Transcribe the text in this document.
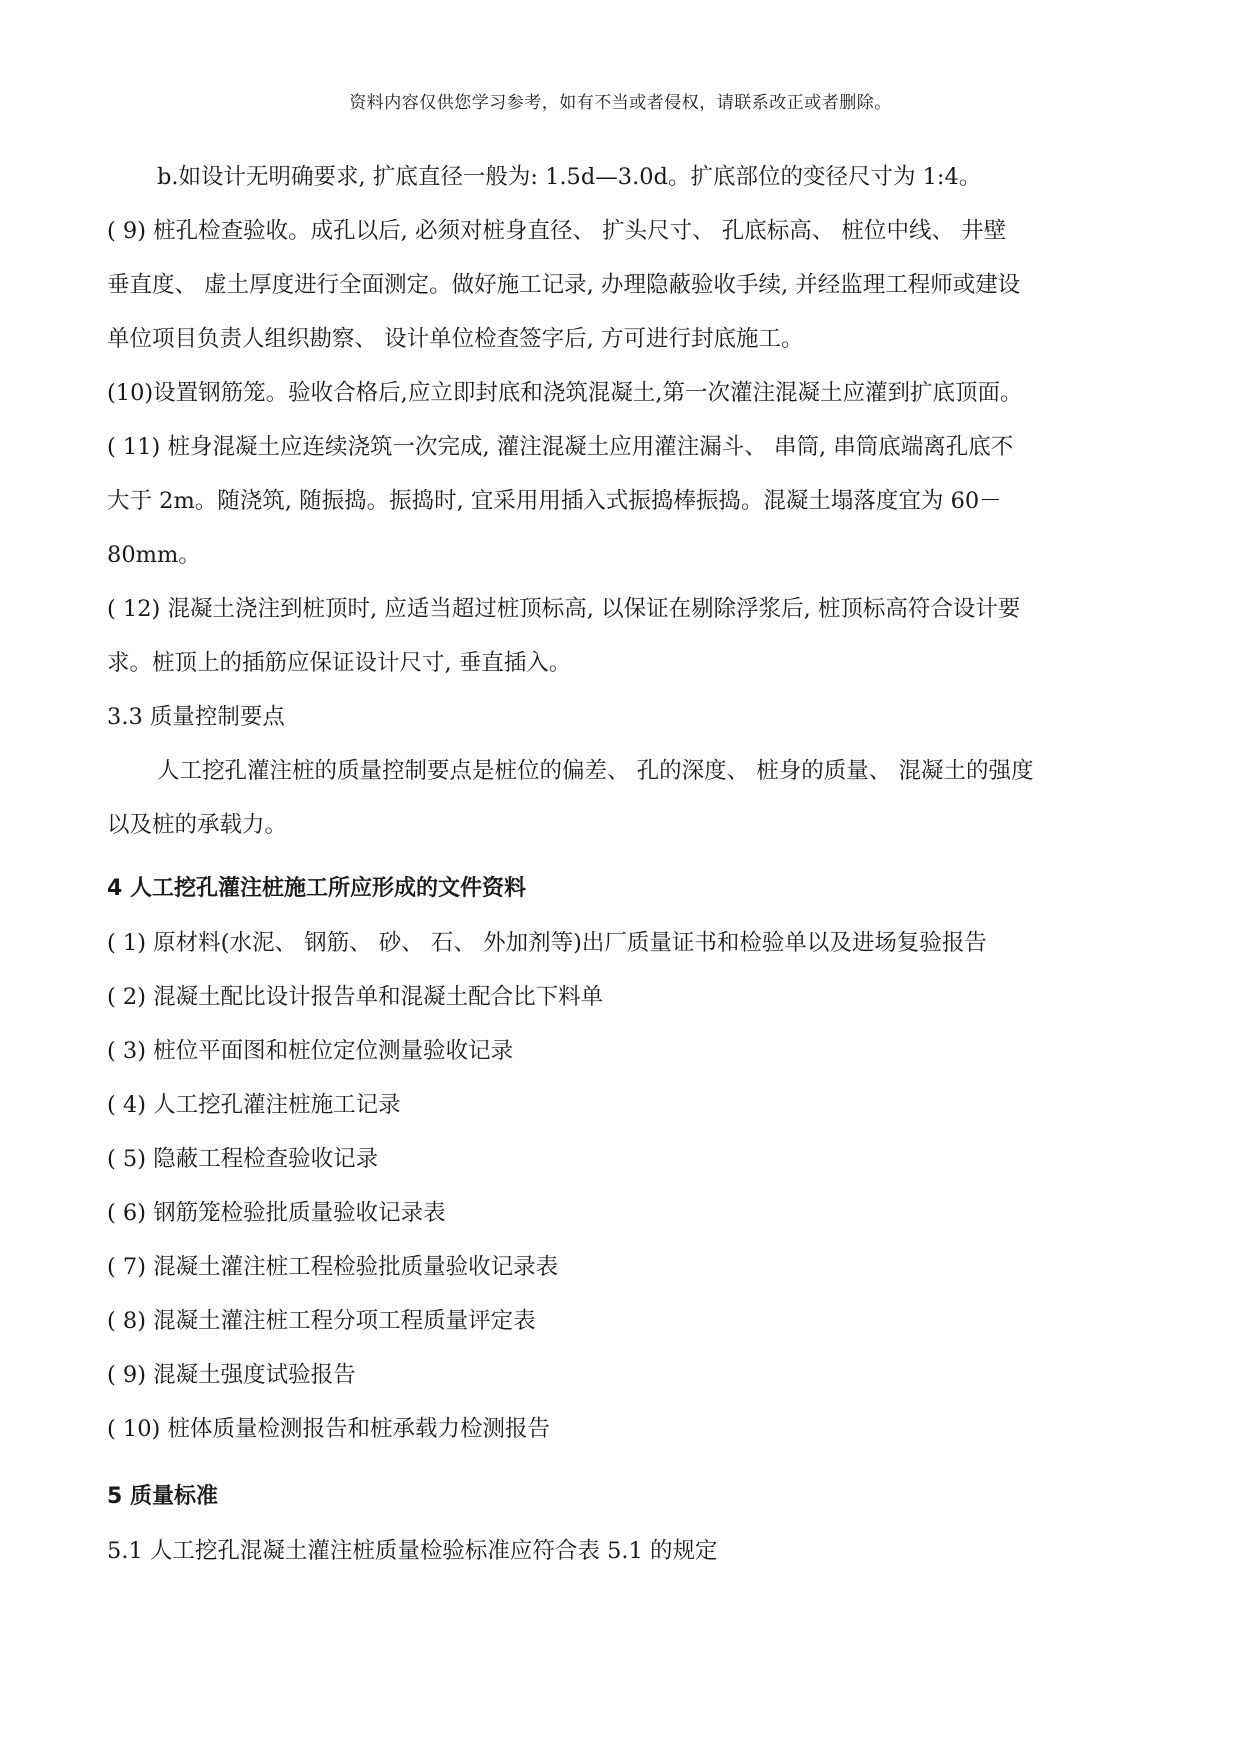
资料内容仅供您学习参考，如有不当或者侵权，请联系改正或者删除。
b.如设计无明确要求, 扩底直径一般为: 1.5d—3.0d。扩底部位的变径尺寸为 1:4。
( 9) 桩孔检查验收。成孔以后, 必须对桩身直径、 扩头尺寸、 孔底标高、 桩位中线、 井壁
垂直度、 虚土厚度进行全面测定。做好施工记录, 办理隐蔽验收手续, 并经监理工程师或建设
单位项目负责人组织勘察、 设计单位检查签字后, 方可进行封底施工。
(10)设置钢筋笼。验收合格后,应立即封底和浇筑混凝土,第一次灌注混凝土应灌到扩底顶面。
( 11) 桩身混凝土应连续浇筑一次完成, 灌注混凝土应用灌注漏斗、 串筒, 串筒底端离孔底不
大于 2m。随浇筑, 随振捣。振捣时, 宜采用用插入式振捣棒振捣。混凝土塌落度宜为 60－
80mm。
( 12) 混凝土浇注到桩顶时, 应适当超过桩顶标高, 以保证在剔除浮浆后, 桩顶标高符合设计要
求。桩顶上的插筋应保证设计尺寸, 垂直插入。
3.3 质量控制要点
人工挖孔灌注桩的质量控制要点是桩位的偏差、 孔的深度、 桩身的质量、 混凝土的强度
以及桩的承载力。
4 人工挖孔灌注桩施工所应形成的文件资料
( 1) 原材料(水泥、 钢筋、 砂、 石、 外加剂等)出厂质量证书和检验单以及进场复验报告
( 2) 混凝土配比设计报告单和混凝土配合比下料单
( 3) 桩位平面图和桩位定位测量验收记录
( 4) 人工挖孔灌注桩施工记录
( 5) 隐蔽工程检查验收记录
( 6) 钢筋笼检验批质量验收记录表
( 7) 混凝土灌注桩工程检验批质量验收记录表
( 8) 混凝土灌注桩工程分项工程质量评定表
( 9) 混凝土强度试验报告
( 10) 桩体质量检测报告和桩承载力检测报告
5 质量标准
5.1 人工挖孔混凝土灌注桩质量检验标准应符合表 5.1 的规定
